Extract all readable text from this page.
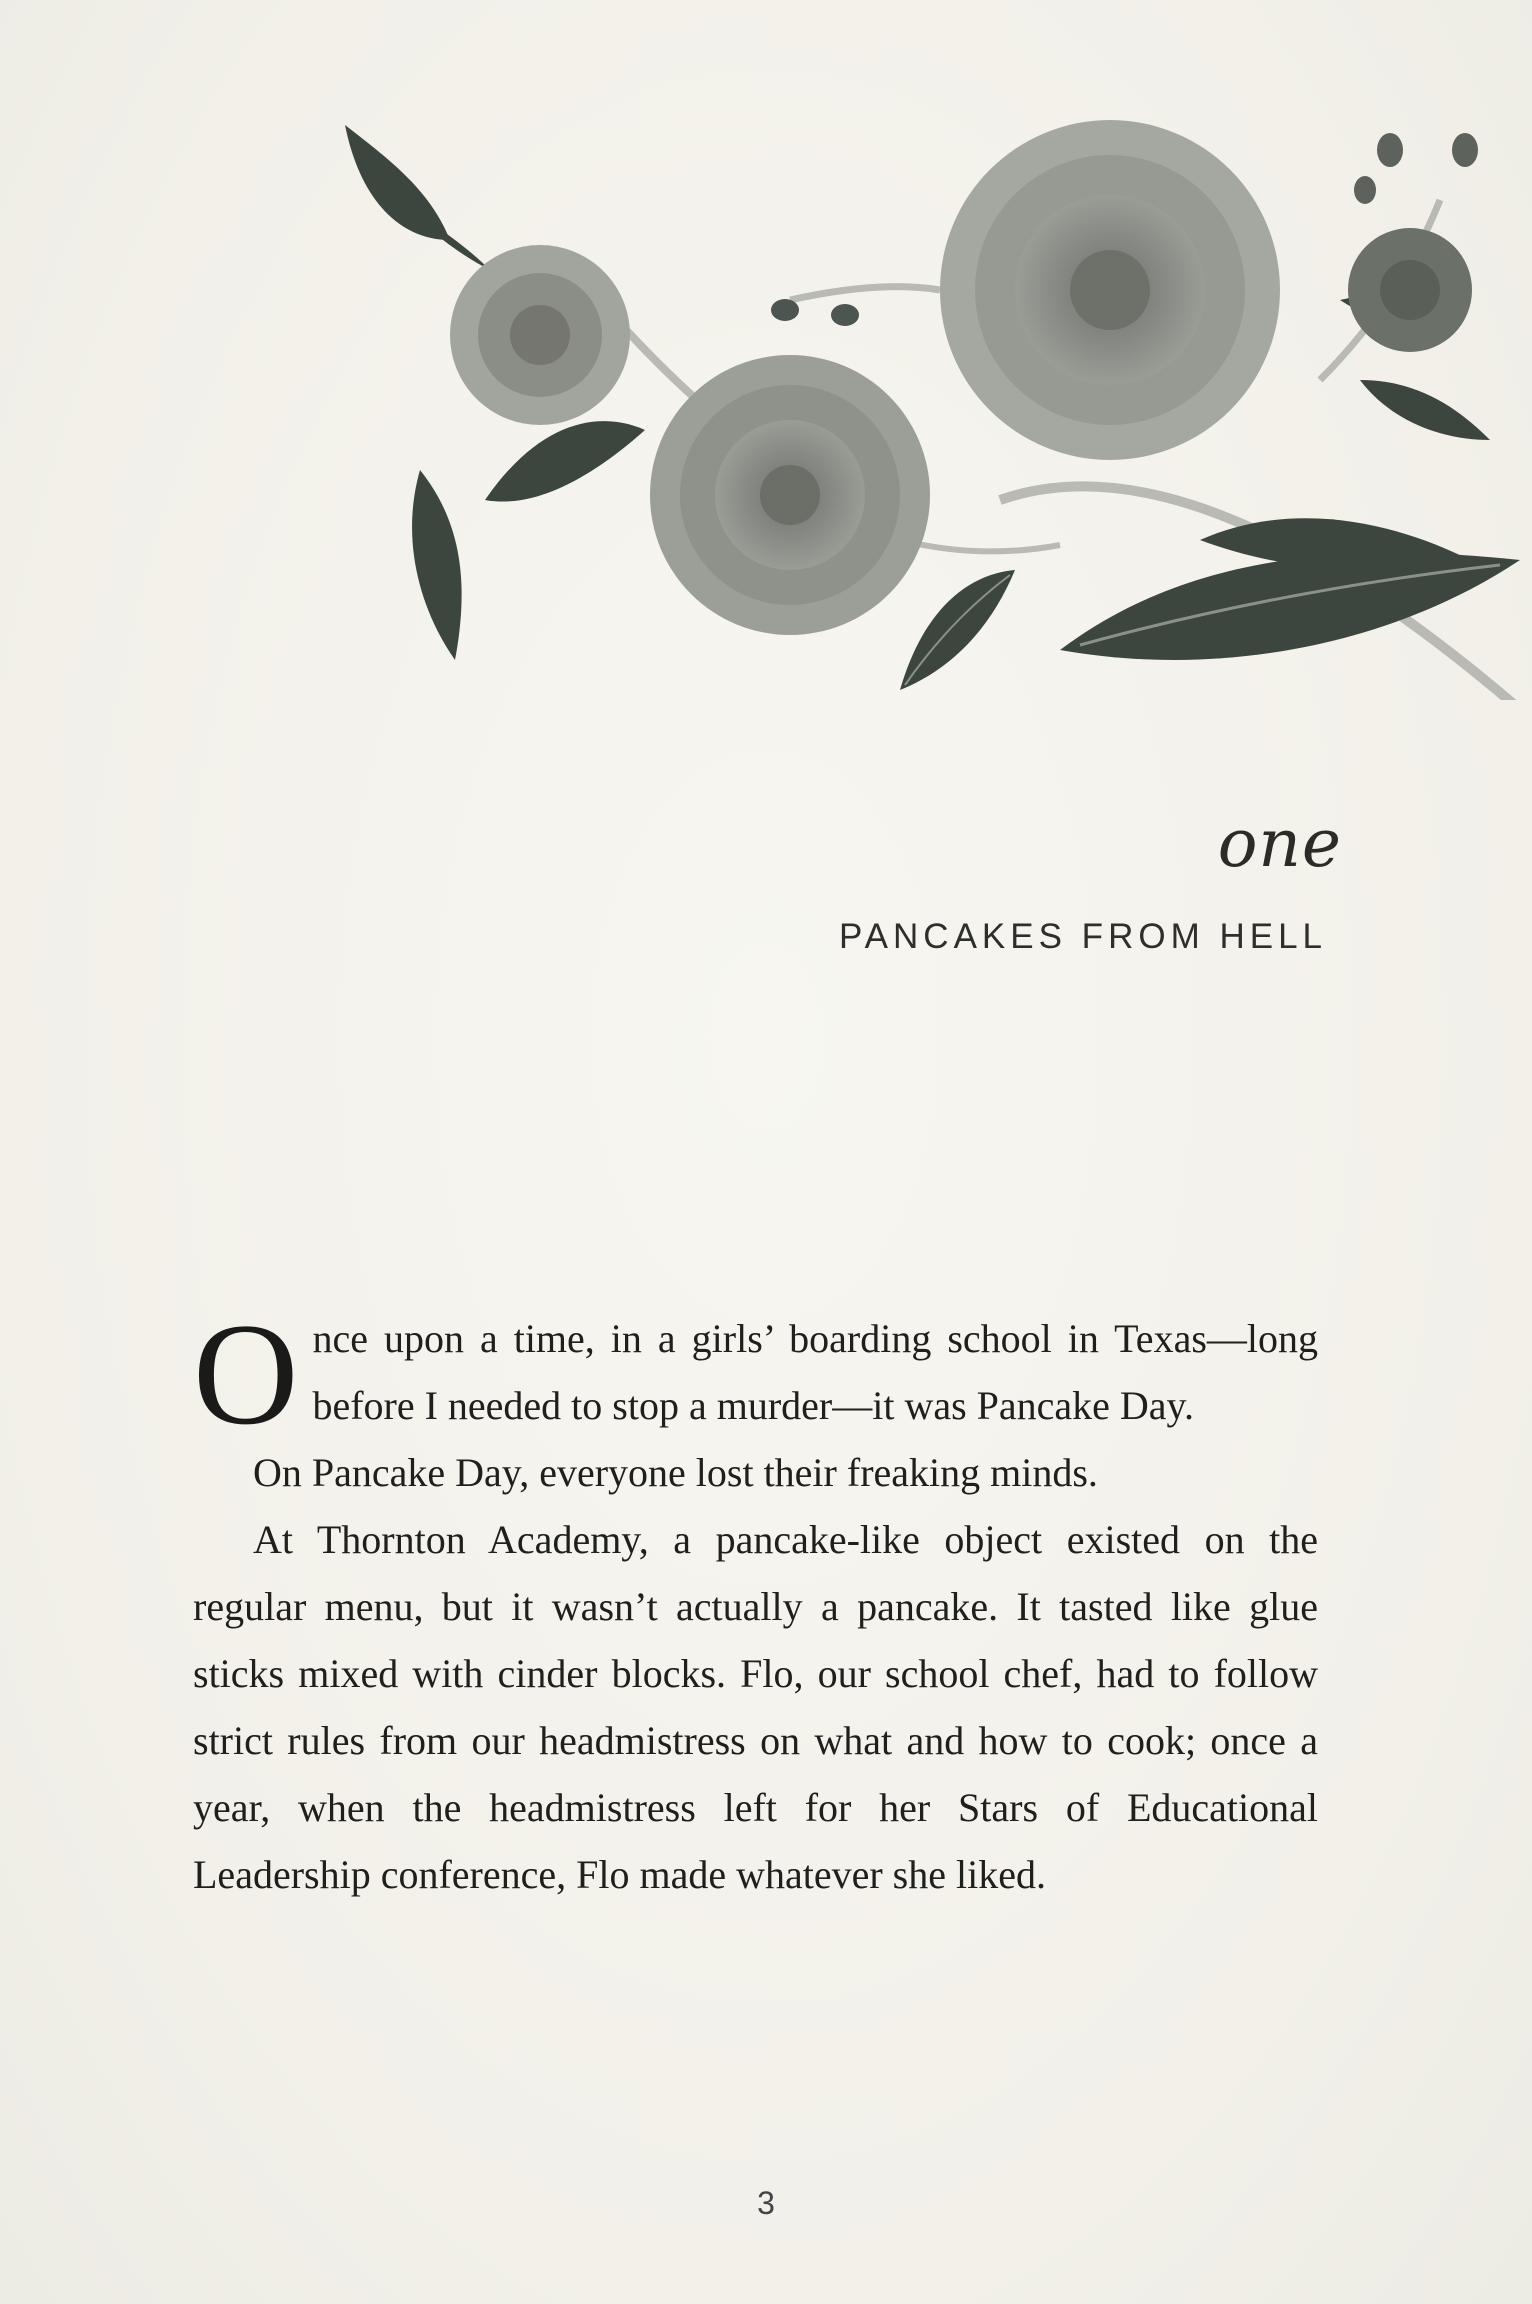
one
PANCAKES FROM HELL

Once upon a time, in a girls’ boarding school in Texas—long before I needed to stop a murder—it was Pancake Day.

On Pancake Day, everyone lost their freaking minds.

At Thornton Academy, a pancake-like object existed on the regular menu, but it wasn’t actually a pancake. It tasted like glue sticks mixed with cinder blocks. Flo, our school chef, had to follow strict rules from our headmistress on what and how to cook; once a year, when the headmistress left for her Stars of Educational Leadership conference, Flo made whatever she liked.

3
